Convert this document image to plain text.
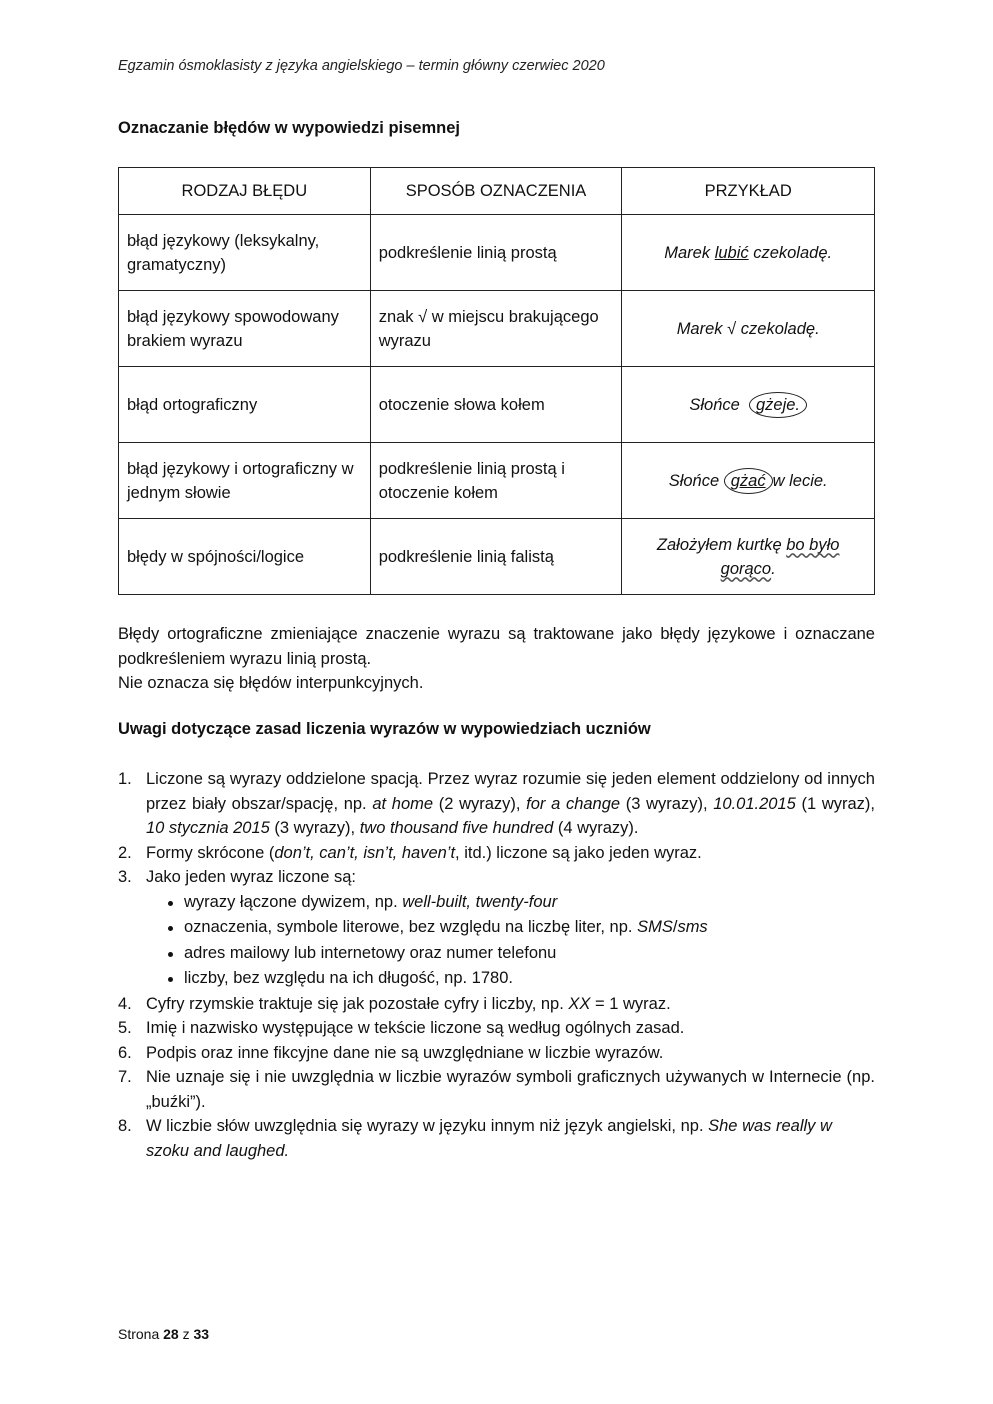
Egzamin ósmoklasisty z języka angielskiego – termin główny czerwiec 2020
Oznaczanie błędów w wypowiedzi pisemnej
RODZAJ BŁĘDU	SPOSÓB OZNACZENIA	PRZYKŁAD
błąd językowy (leksykalny, gramatyczny)	podkreślenie linią prostą	Marek lubić czekoladę.
błąd językowy spowodowany brakiem wyrazu	znak √ w miejscu brakującego wyrazu	Marek √ czekoladę.
błąd ortograficzny	otoczenie słowa kołem	Słońce  gżeje.
błąd językowy i ortograficzny w jednym słowie	podkreślenie linią prostą i otoczenie kołem	Słońce gżać w lecie.
błędy w spójności/logice	podkreślenie linią falistą	Założyłem kurtkę bo było gorąco.
Błędy ortograficzne zmieniające znaczenie wyrazu są traktowane jako błędy językowe i oznaczane podkreśleniem wyrazu linią prostą.
Nie oznacza się błędów interpunkcyjnych.
Uwagi dotyczące zasad liczenia wyrazów w wypowiedziach uczniów
1. Liczone są wyrazy oddzielone spacją. Przez wyraz rozumie się jeden element oddzielony od innych przez biały obszar/spację, np. at home (2 wyrazy), for a change (3 wyrazy), 10.01.2015 (1 wyraz), 10 stycznia 2015 (3 wyrazy), two thousand five hundred (4 wyrazy).
2. Formy skrócone (don’t, can’t, isn’t, haven’t, itd.) liczone są jako jeden wyraz.
3. Jako jeden wyraz liczone są:
wyrazy łączone dywizem, np. well-built, twenty-four
oznaczenia, symbole literowe, bez względu na liczbę liter, np. SMS/sms
adres mailowy lub internetowy oraz numer telefonu
liczby, bez względu na ich długość, np. 1780.
4. Cyfry rzymskie traktuje się jak pozostałe cyfry i liczby, np. XX = 1 wyraz.
5. Imię i nazwisko występujące w tekście liczone są według ogólnych zasad.
6. Podpis oraz inne fikcyjne dane nie są uwzględniane w liczbie wyrazów.
7. Nie uznaje się i nie uwzględnia w liczbie wyrazów symboli graficznych używanych w Internecie (np. „buźki”).
8. W liczbie słów uwzględnia się wyrazy w języku innym niż język angielski, np. She was really w szoku and laughed.
Strona 28 z 33
